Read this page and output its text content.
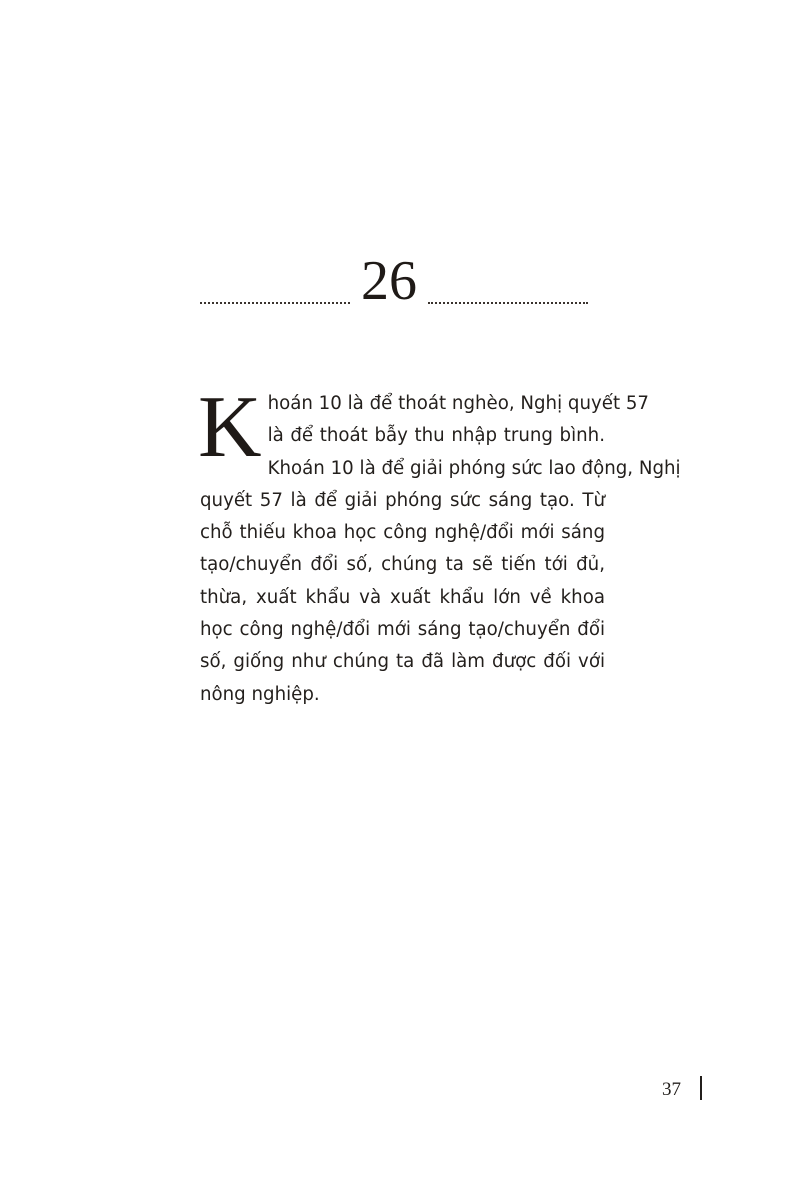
26
K hoán 10 là để thoát nghèo, Nghị quyết 57
là để thoát bẫy thu nhập trung bình.
Khoán 10 là để giải phóng sức lao động, Nghị
quyết 57 là để giải phóng sức sáng tạo. Từ
chỗ thiếu khoa học công nghệ/đổi mới sáng
tạo/chuyển đổi số, chúng ta sẽ tiến tới đủ,
thừa, xuất khẩu và xuất khẩu lớn về khoa
học công nghệ/đổi mới sáng tạo/chuyển đổi
số, giống như chúng ta đã làm được đối với
nông nghiệp.
37
